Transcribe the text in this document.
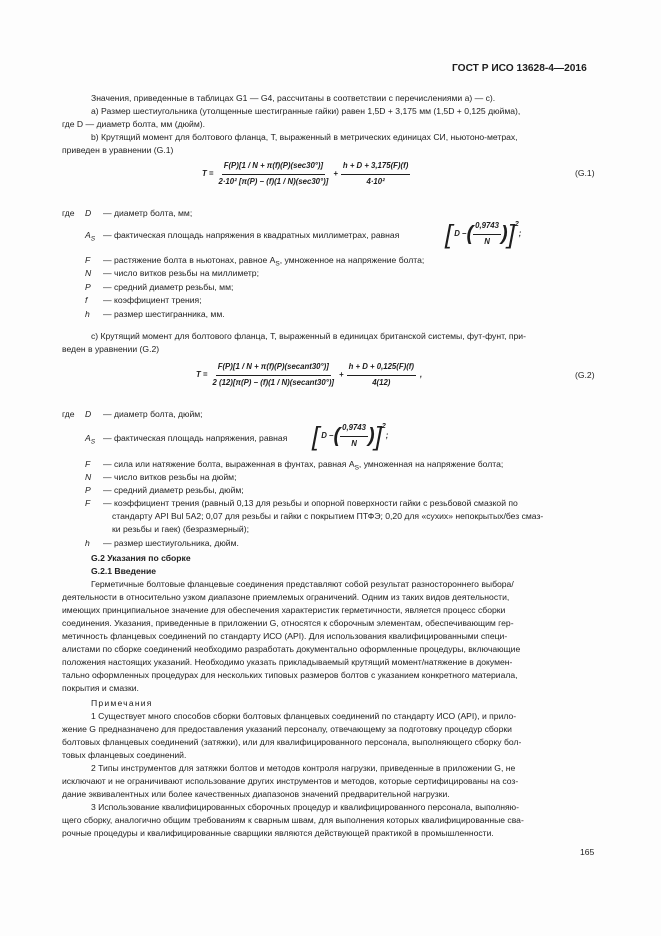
ГОСТ Р ИСО 13628-4—2016
Значения, приведенные в таблицах G1 — G4, рассчитаны в соответствии с перечислениями а) — с).
а) Размер шестиугольника (утолщенные шестигранные гайки) равен 1,5D + 3,175 мм (1,5D + 0,125 дюйма),
где D — диаметр болта, мм (дюйм).
b) Крутящий момент для болтового фланца, T, выраженный в метрических единицах СИ, ньютоно-метрах,
приведен в уравнении (G.1)
$T = \frac{F(P)[1 / N + \pi(f)(P)(\sec 30^\circ)]}{\text{2·10² [π(P) − (f)(1 / N)(sec30°)]}} + \frac{h + D + 3,175(F)(f)}{\text{4·10²}}$	(G.1)
где D — диаметр болта, мм;
$A_S$ — фактическая площадь напряжения в квадратных миллиметрах, равная [ D − ( $\frac{0,9743}{N}$ ) ] 2
;
F — растяжение болта в ньютонах, равное $A_S$, умноженное на напряжение болта;
N — число витков резьбы на миллиметр;
P — средний диаметр резьбы, мм;
f — коэффициент трения;
h — размер шестигранника, мм.
с) Крутящий момент для болтового фланца, Т, выраженный в единицах британской системы, фут-фунт, при-
веден в уравнении (G.2)
$T = \frac{\text{F(P)[1 / N + π(f)(P)(secant30°)]}}{\text{2 (12)[π(P) − (f)(1 / N)(secant30°)]}} + \frac{h + D + 0,125(F)(f)}{4(12)}$ ,	(G.2)
где D — диаметр болта, дюйм;
$A_S$ — фактическая площадь напряжения, равная [ D − ( $\frac{0,9743}{N}$ ) ] 2
;
F — сила или натяжение болта, выраженная в фунтах, равная $A_S$, умноженная на напряжение болта;
N — число витков резьбы на дюйм;
P — средний диаметр резьбы, дюйм;
F — коэффициент трения (равный 0,13 для резьбы и опорной поверхности гайки с резьбовой смазкой по
стандарту API Bul 5A2; 0,07 для резьбы и гайки с покрытием ПТФЭ; 0,20 для «сухих» непокрытых/без смаз-
ки резьбы и гаек) (безразмерный);
h — размер шестиугольника, дюйм.
G.2 Указания по сборке
G.2.1 Введение
Герметичные болтовые фланцевые соединения представляют собой результат разностороннего выбора/
деятельности в относительно узком диапазоне приемлемых ограничений. Одним из таких видов деятельности,
имеющих принципиальное значение для обеспечения характеристик герметичности, является процесс сборки
соединения. Указания, приведенные в приложении G, относятся к сборочным элементам, обеспечивающим гер-
метичность фланцевых соединений по стандарту ИСО (API). Для использования квалифицированными специ-
алистами по сборке соединений необходимо разработать документально оформленные процедуры, включающие
положения настоящих указаний. Необходимо указать прикладываемый крутящий момент/натяжение в докумен-
тально оформленных процедурах для нескольких типовых размеров болтов с указанием конкретного материала,
покрытия и смазки.
Примечания
1 Существует много способов сборки болтовых фланцевых соединений по стандарту ИСО (API), и прило-
жение G предназначено для предоставления указаний персоналу, отвечающему за подготовку процедур сборки
болтовых фланцевых соединений (затяжки), или для квалифицированного персонала, выполняющего сборку бол-
товых фланцевых соединений.
2 Типы инструментов для затяжки болтов и методов контроля нагрузки, приведенные в приложении G, не
исключают и не ограничивают использование других инструментов и методов, которые сертифицированы на соз-
дание эквивалентных или более качественных диапазонов значений предварительной нагрузки.
3 Использование квалифицированных сборочных процедур и квалифицированного персонала, выполняю-
щего сборку, аналогично общим требованиям к сварным швам, для выполнения которых квалифицированные сва-
рочные процедуры и квалифицированные сварщики являются действующей практикой в промышленности.
165
